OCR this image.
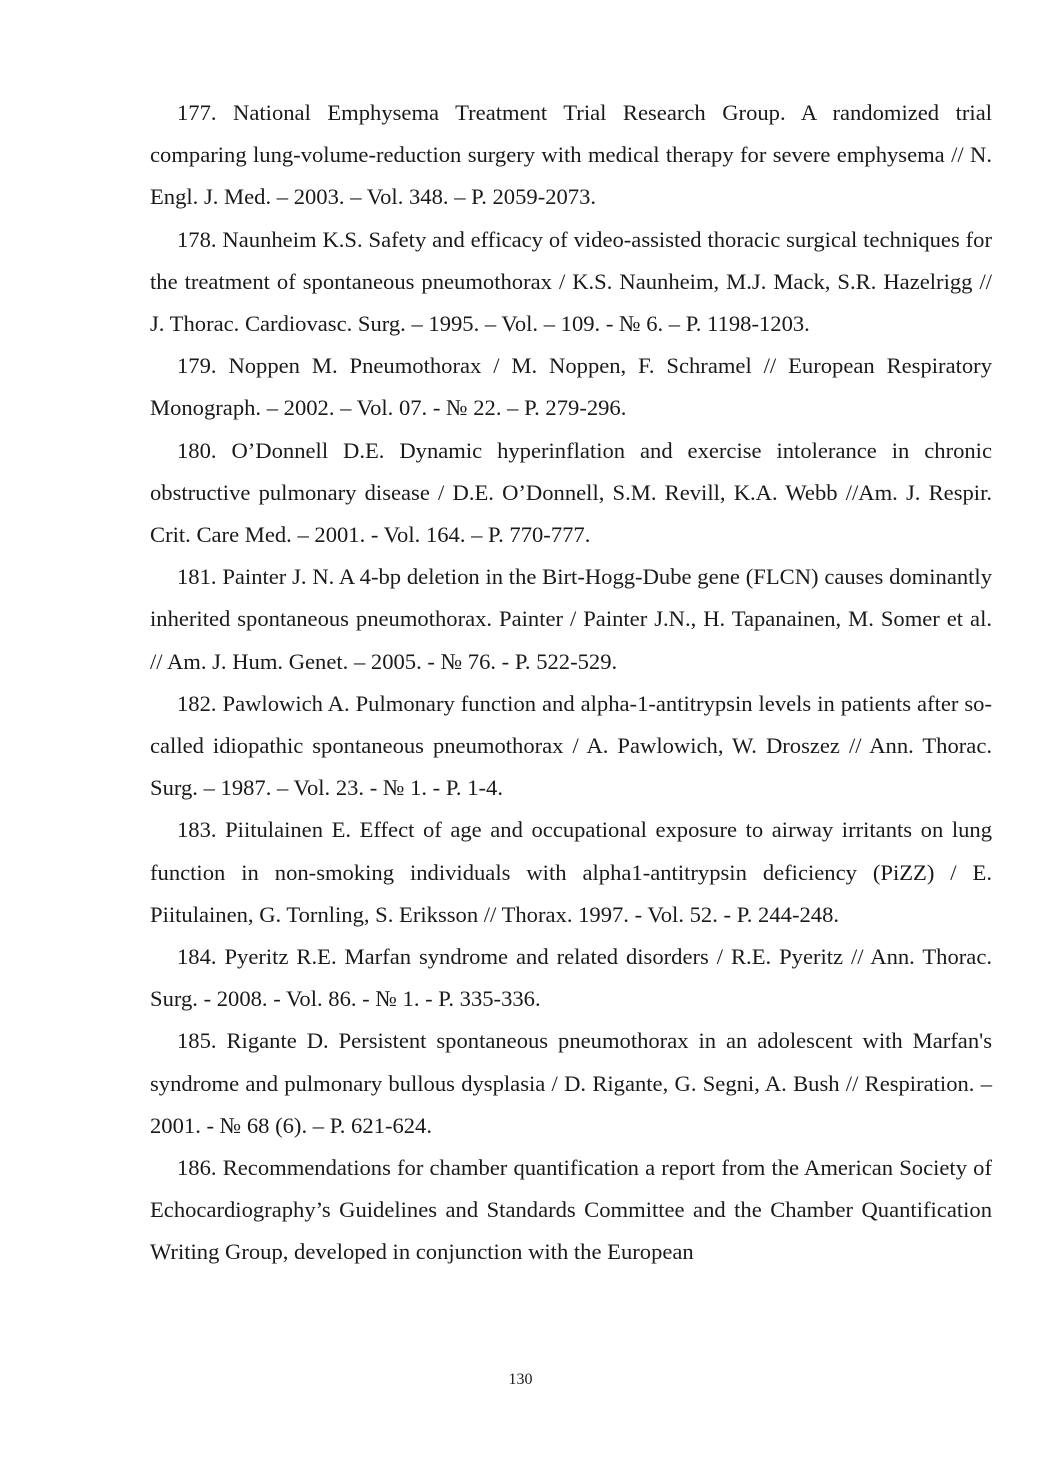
177. National Emphysema Treatment Trial Research Group. A randomized trial comparing lung-volume-reduction surgery with medical therapy for severe emphysema // N. Engl. J. Med. – 2003. – Vol. 348. – P. 2059-2073.

178. Naunheim K.S. Safety and efficacy of video-assisted thoracic surgical techniques for the treatment of spontaneous pneumothorax / K.S. Naunheim, M.J. Mack, S.R. Hazelrigg // J. Thorac. Cardiovasc. Surg. – 1995. – Vol. – 109. - № 6. – P. 1198-1203.

179. Noppen M. Pneumothorax / M. Noppen, F. Schramel // European Respiratory Monograph. – 2002. – Vol. 07. - № 22. – P. 279-296.

180. O’Donnell D.E. Dynamic hyperinflation and exercise intolerance in chronic obstructive pulmonary disease / D.E. O’Donnell, S.M. Revill, K.A. Webb //Am. J. Respir. Crit. Care Med. – 2001. - Vol. 164. – P. 770-777.

181. Painter J. N. A 4-bp deletion in the Birt-Hogg-Dube gene (FLCN) causes dominantly inherited spontaneous pneumothorax. Painter / Painter J.N., H. Tapanainen, M. Somer et al. // Am. J. Hum. Genet. – 2005. - № 76. - P. 522-529.

182. Pawlowich A. Pulmonary function and alpha-1-antitrypsin levels in patients after so-called idiopathic spontaneous pneumothorax / A. Pawlowich, W. Droszez // Ann. Thorac. Surg. – 1987. – Vol. 23. - № 1. - P. 1-4.

183. Piitulainen E. Effect of age and occupational exposure to airway irritants on lung function in non-smoking individuals with alpha1-antitrypsin deficiency (PiZZ) / E. Piitulainen, G. Tornling, S. Eriksson // Thorax. 1997. - Vol. 52. - P. 244-248.

184. Pyeritz R.E. Marfan syndrome and related disorders / R.E. Pyeritz // Ann. Thorac. Surg. - 2008. - Vol. 86. - № 1. - P. 335-336.

185. Rigante D. Persistent spontaneous pneumothorax in an adolescent with Marfan's syndrome and pulmonary bullous dysplasia / D. Rigante, G. Segni, A. Bush // Respiration. – 2001. - № 68 (6). – P. 621-624.

186. Recommendations for chamber quantification a report from the American Society of Echocardiography’s Guidelines and Standards Committee and the Chamber Quantification Writing Group, developed in conjunction with the European

130
